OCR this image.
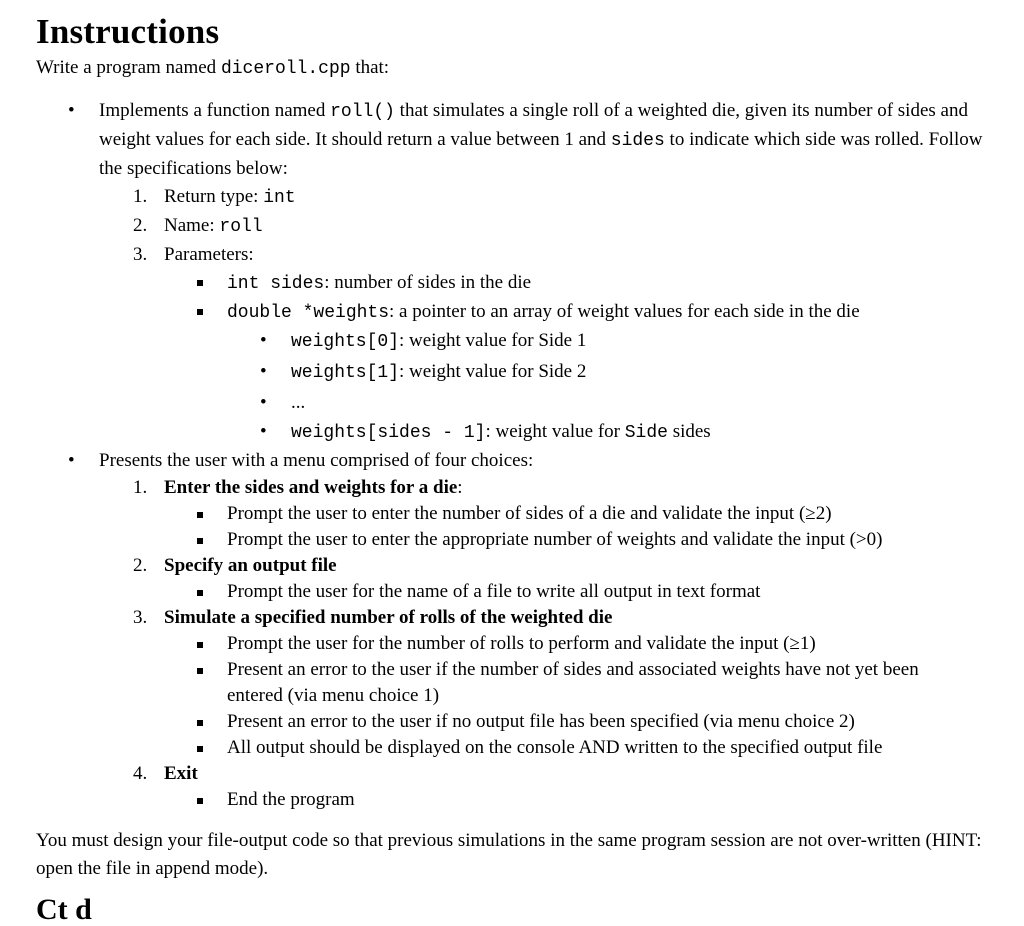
Instructions

Write a program named diceroll.cpp that:

• Implements a function named roll() that simulates a single roll of a weighted die, given its number of sides and weight values for each side. It should return a value between 1 and sides to indicate which side was rolled. Follow the specifications below:
1. Return type: int
2. Name: roll
3. Parameters:
int sides: number of sides in the die
double *weights: a pointer to an array of weight values for each side in the die
• weights[0]: weight value for Side 1
• weights[1]: weight value for Side 2
• ...
• weights[sides - 1]: weight value for Side sides
• Presents the user with a menu comprised of four choices:
1. Enter the sides and weights for a die:
Prompt the user to enter the number of sides of a die and validate the input (≥2)
Prompt the user to enter the appropriate number of weights and validate the input (>0)
2. Specify an output file
Prompt the user for the name of a file to write all output in text format
3. Simulate a specified number of rolls of the weighted die
Prompt the user for the number of rolls to perform and validate the input (≥1)
Present an error to the user if the number of sides and associated weights have not yet been entered (via menu choice 1)
Present an error to the user if no output file has been specified (via menu choice 2)
All output should be displayed on the console AND written to the specified output file
4. Exit
End the program

You must design your file-output code so that previous simulations in the same program session are not over-written (HINT: open the file in append mode).

Ct d
